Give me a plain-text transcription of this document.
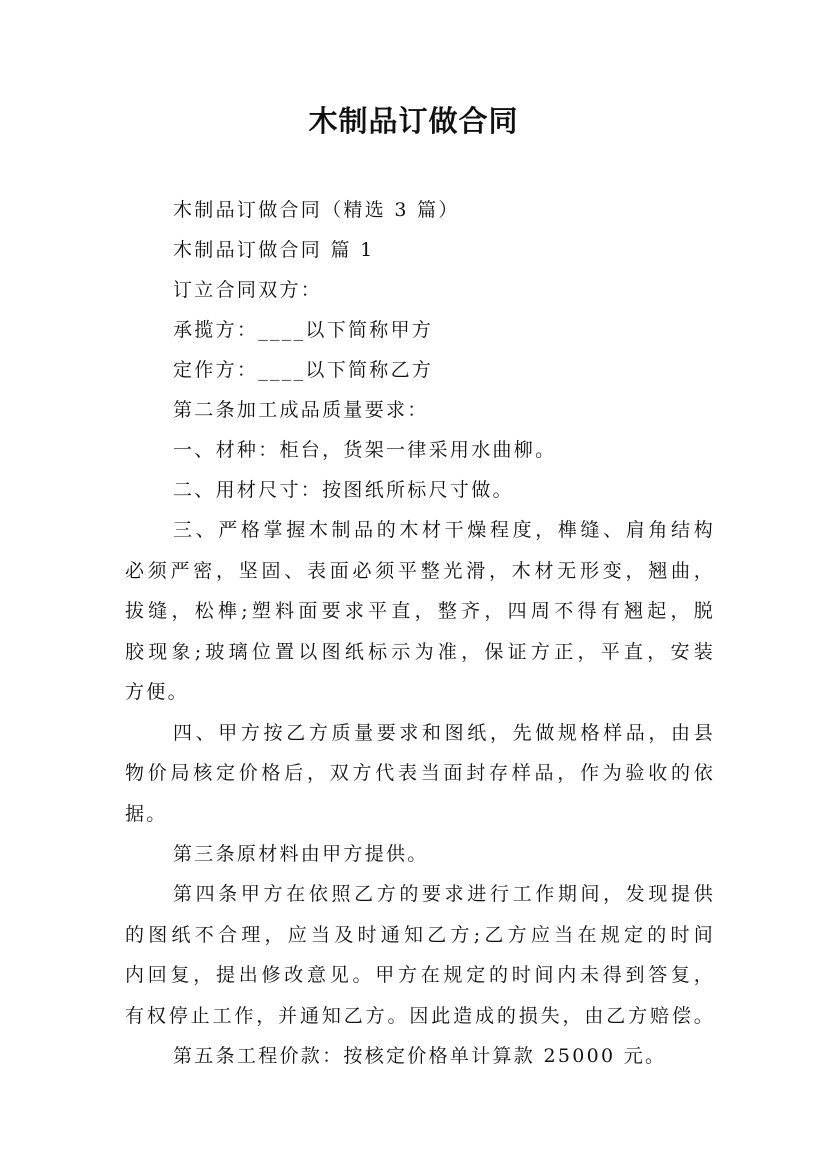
木制品订做合同

木制品订做合同（精选 3 篇）

木制品订做合同 篇 1

订立合同双方：

承揽方：____以下简称甲方

定作方：____以下简称乙方

第二条加工成品质量要求：

一、材种：柜台，货架一律采用水曲柳。

二、用材尺寸：按图纸所标尺寸做。

三、严格掌握木制品的木材干燥程度，榫缝、肩角结构

必须严密，坚固、表面必须平整光滑，木材无形变，翘曲，

拔缝，松榫;塑料面要求平直，整齐，四周不得有翘起，脱

胶现象;玻璃位置以图纸标示为准，保证方正，平直，安装

方便。

四、甲方按乙方质量要求和图纸，先做规格样品，由县

物价局核定价格后，双方代表当面封存样品，作为验收的依

据。

第三条原材料由甲方提供。

第四条甲方在依照乙方的要求进行工作期间，发现提供

的图纸不合理，应当及时通知乙方;乙方应当在规定的时间

内回复，提出修改意见。甲方在规定的时间内未得到答复，

有权停止工作，并通知乙方。因此造成的损失，由乙方赔偿。

第五条工程价款：按核定价格单计算款 25000 元。
